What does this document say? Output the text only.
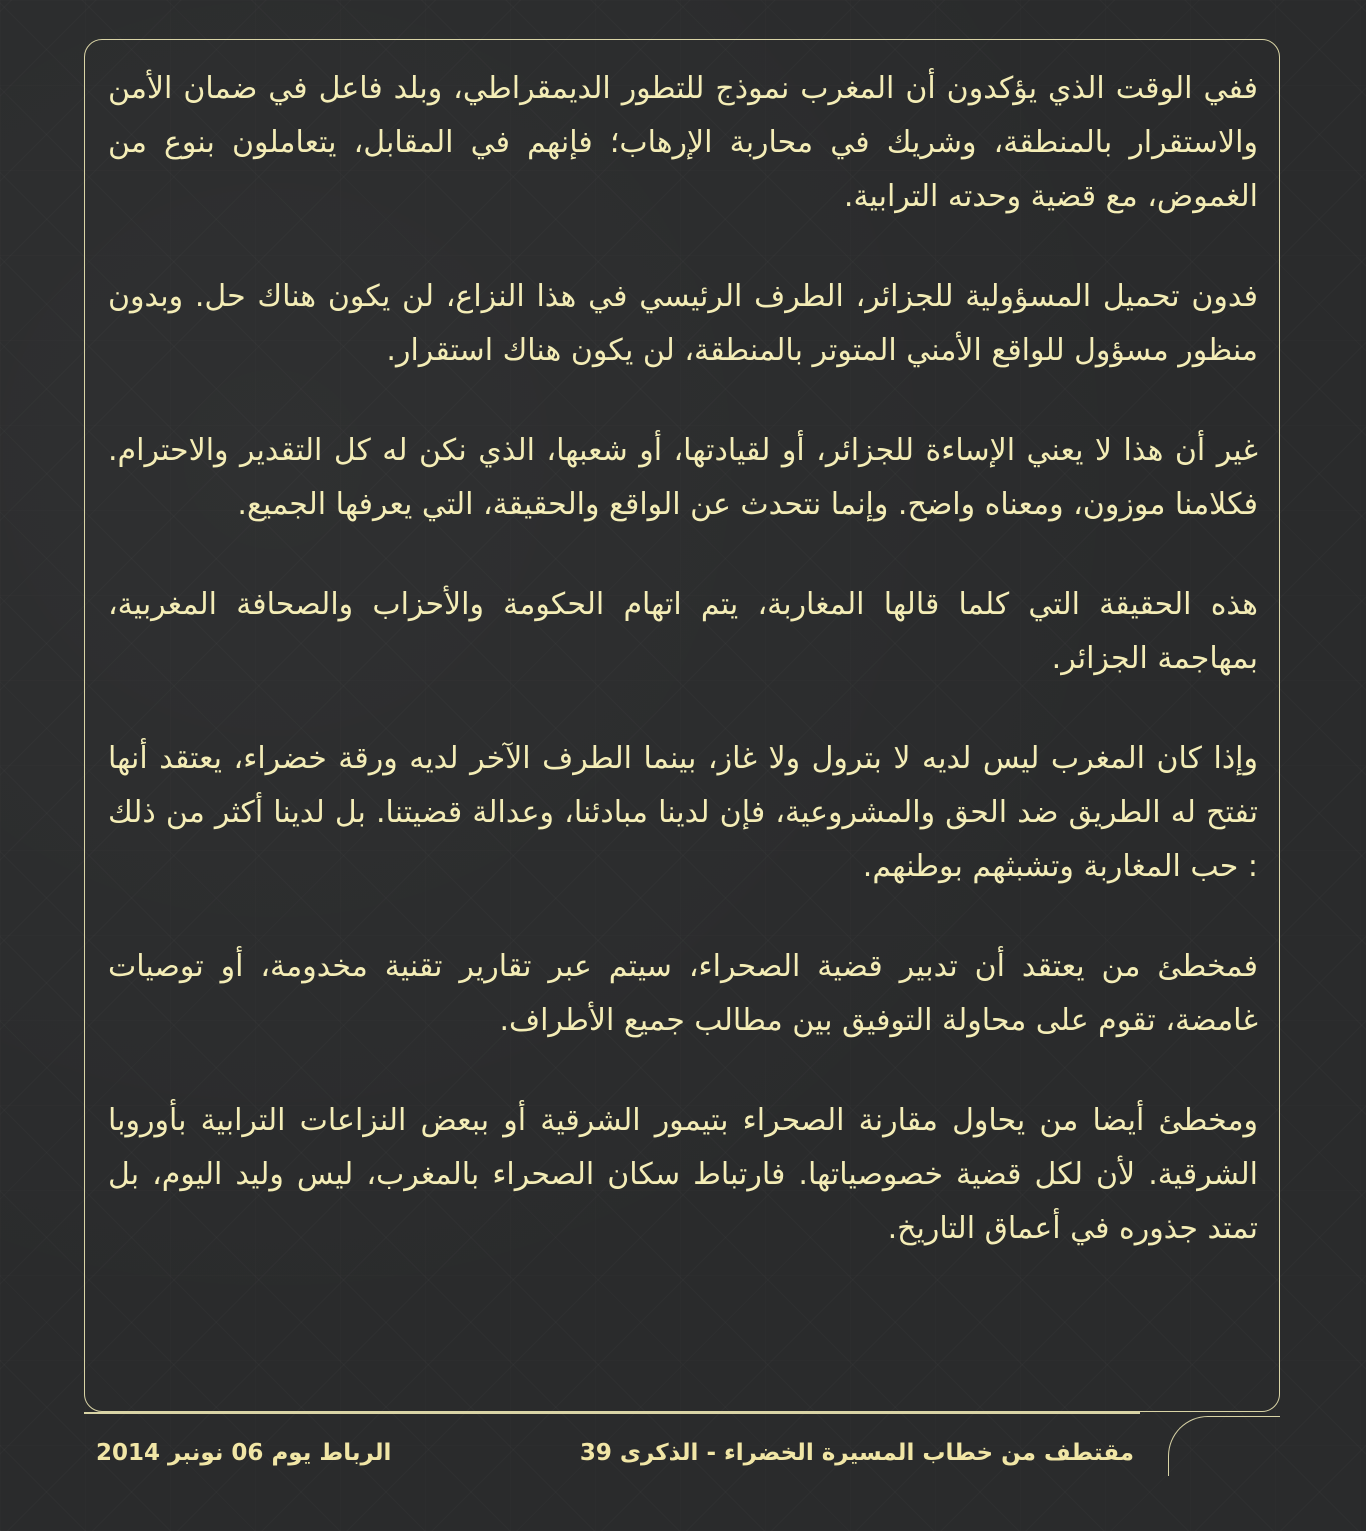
ففي الوقت الذي يؤكدون أن المغرب نموذج للتطور الديمقراطي، وبلد فاعل في ضمان الأمن والاستقرار بالمنطقة، وشريك في محاربة الإرهاب؛ فإنهم في المقابل، يتعاملون بنوع من الغموض، مع قضية وحدته الترابية.

فدون تحميل المسؤولية للجزائر، الطرف الرئيسي في هذا النزاع، لن يكون هناك حل. وبدون منظور مسؤول للواقع الأمني المتوتر بالمنطقة، لن يكون هناك استقرار.

غير أن هذا لا يعني الإساءة للجزائر، أو لقيادتها، أو شعبها، الذي نكن له كل التقدير والاحترام. فكلامنا موزون، ومعناه واضح. وإنما نتحدث عن الواقع والحقيقة، التي يعرفها الجميع.

هذه الحقيقة التي كلما قالها المغاربة، يتم اتهام الحكومة والأحزاب والصحافة المغربية، بمهاجمة الجزائر.

وإذا كان المغرب ليس لديه لا بترول ولا غاز، بينما الطرف الآخر لديه ورقة خضراء، يعتقد أنها تفتح له الطريق ضد الحق والمشروعية، فإن لدينا مبادئنا، وعدالة قضيتنا. بل لدينا أكثر من ذلك : حب المغاربة وتشبثهم بوطنهم.

فمخطئ من يعتقد أن تدبير قضية الصحراء، سيتم عبر تقارير تقنية مخدومة، أو توصيات غامضة، تقوم على محاولة التوفيق بين مطالب جميع الأطراف.

ومخطئ أيضا من يحاول مقارنة الصحراء بتيمور الشرقية أو ببعض النزاعات الترابية بأوروبا الشرقية. لأن لكل قضية خصوصياتها. فارتباط سكان الصحراء بالمغرب، ليس وليد اليوم، بل تمتد جذوره في أعماق التاريخ.

مقتطف من خطاب المسيرة الخضراء - الذكرى 39
الرباط يوم 06 نونبر 2014
